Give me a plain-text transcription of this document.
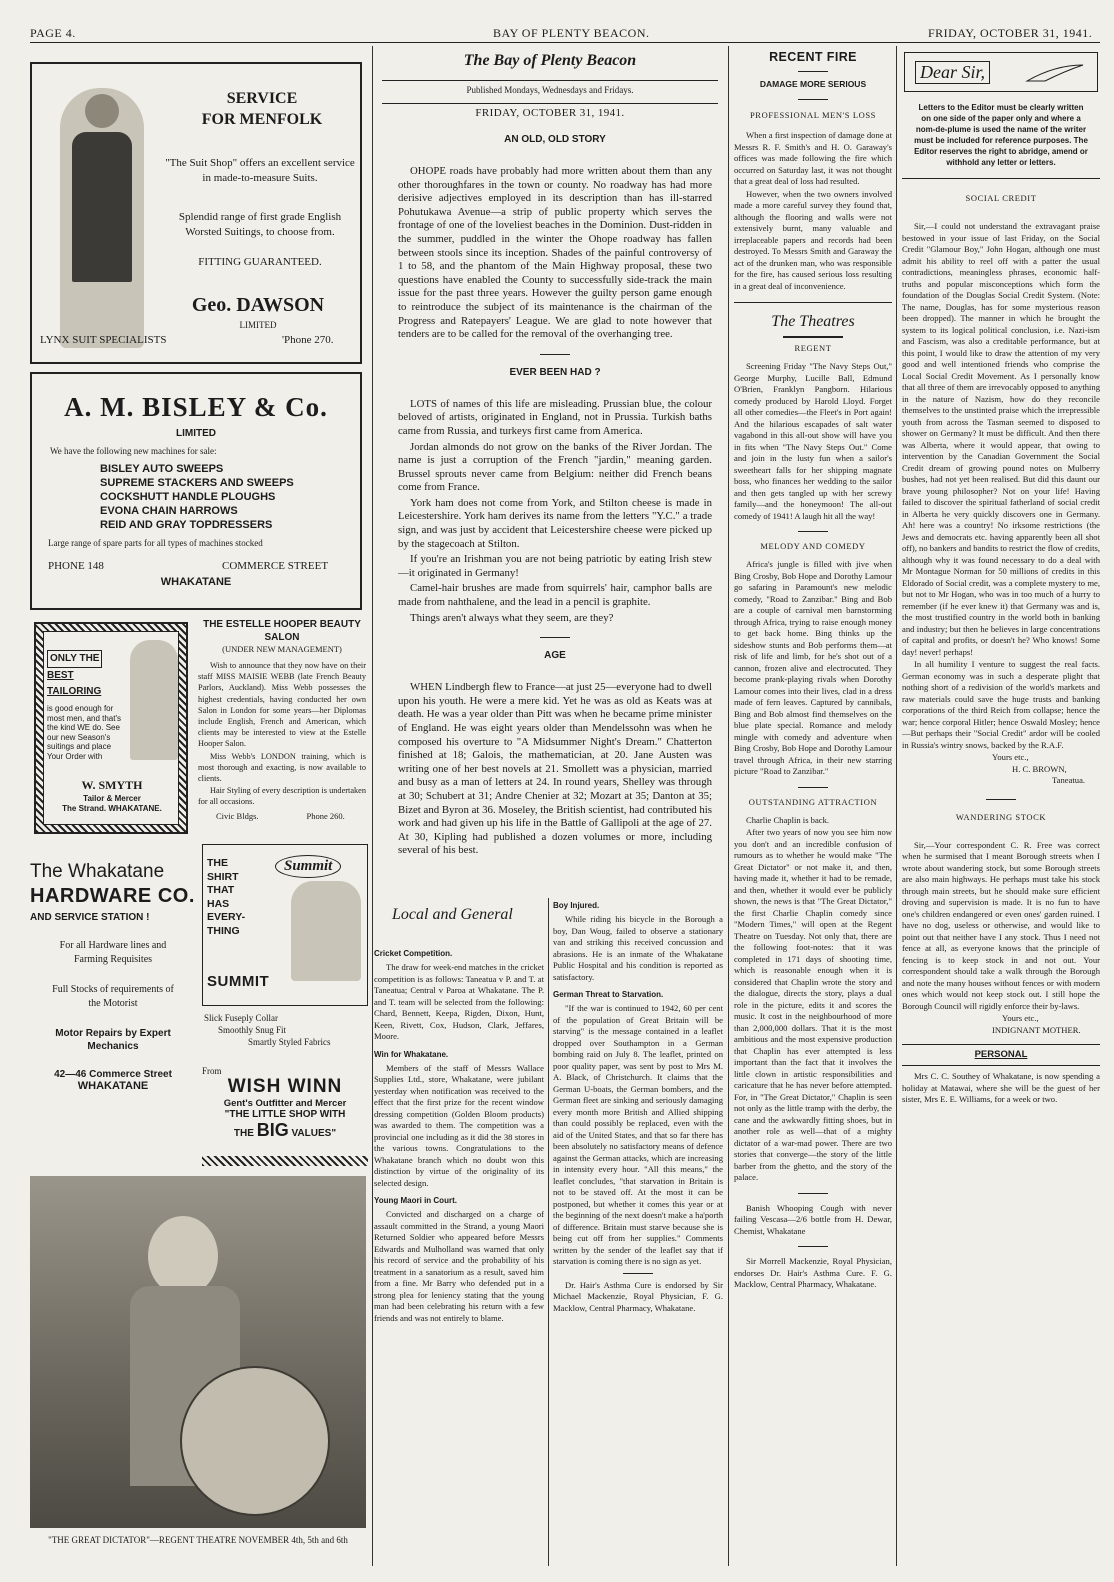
PAGE 4.	BAY OF PLENTY BEACON.	FRIDAY, OCTOBER 31, 1941.
SERVICE
FOR MENFOLK
"The Suit Shop" offers an excellent service in made-to-measure Suits.
Splendid range of first grade English Worsted Suitings, to choose from.
FITTING GUARANTEED.
Geo. DAWSON
LIMITED
LYNX SUIT SPECIALISTS	'Phone 270.
A. M. BISLEY & Co.
LIMITED
We have the following new machines for sale:
BISLEY AUTO SWEEPS
SUPREME STACKERS AND SWEEPS
COCKSHUTT HANDLE PLOUGHS
EVONA CHAIN HARROWS
REID AND GRAY TOPDRESSERS
Large range of spare parts for all types of machines stocked
PHONE 148	COMMERCE STREET
WHAKATANE
ONLY THE
BEST
TAILORING
is good enough for most men, and that's the kind WE do. See our new Season's suitings and place Your Order with
W. SMYTH
Tailor & Mercer
The Strand. WHAKATANE.
THE ESTELLE HOOPER BEAUTY SALON
(UNDER NEW MANAGEMENT)

Wish to announce that they now have on their staff MISS MAISIE WEBB (late French Beauty Parlors, Auckland). Miss Webb possesses the highest credentials, having conducted her own Salon in London for some years—her Diplomas include English, French and American, which clients may be interested to view at the Estelle Hooper Salon.

Miss Webb's LONDON training, which is most thorough and exacting, is now available to clients.

Hair Styling of every description is undertaken for all occasions.

Civic Bldgs.	Phone 260.
The Whakatane
HARDWARE CO.
AND SERVICE STATION !
For all Hardware lines and Farming Requisites
Full Stocks of requirements of the Motorist
Motor Repairs by Expert Mechanics
42—46 Commerce Street
WHAKATANE
THE
SHIRT
THAT
HAS
EVERY-
THING
Summit
SUMMIT
Slick Fuseply Collar
Smoothly Snug Fit
Smartly Styled Fabrics
From
WISH WINN
Gent's Outfitter and Mercer
"THE LITTLE SHOP WITH
THE BIG VALUES"
"THE GREAT DICTATOR"—REGENT THEATRE NOVEMBER 4th, 5th and 6th
The Bay of Plenty Beacon
Published Mondays, Wednesdays and Fridays.
FRIDAY, OCTOBER 31, 1941.
AN OLD, OLD STORY

OHOPE roads have probably had more written about them than any other thoroughfares in the town or county. No roadway has had more derisive adjectives employed in its description than has ill-starred Pohutukawa Avenue—a strip of public property which serves the frontage of one of the loveliest beaches in the Dominion. Dust-ridden in the summer, puddled in the winter the Ohope roadway has fallen between stools since its inception. Shades of the painful controversy of 1 to 58, and the phantom of the Main Highway proposal, these two questions have enabled the County to successfully side-track the main issue for the past three years. However the guilty person game enough to reintroduce the subject of its maintenance is the chairman of the Progress and Ratepayers' League. We are glad to note however that tenders are to be called for the removal of the overhanging tree.

EVER BEEN HAD ?

LOTS of names of this life are misleading. Prussian blue, the colour beloved of artists, originated in England, not in Prussia. Turkish baths came from Russia, and turkeys first came from America.

Jordan almonds do not grow on the banks of the River Jordan. The name is just a corruption of the French "jardin," meaning garden. Brussel sprouts never came from Belgium: neither did French beans come from France.

York ham does not come from York, and Stilton cheese is made in Leicestershire. York ham derives its name from the letters "Y.C." a trade sign, and was just by accident that Leicestershire cheese were picked up by the stagecoach at Stilton.

If you're an Irishman you are not being patriotic by eating Irish stew—it originated in Germany!

Camel-hair brushes are made from squirrels' hair, camphor balls are made from nahthalene, and the lead in a pencil is graphite.

Things aren't always what they seem, are they?

AGE

WHEN Lindbergh flew to France—at just 25—everyone had to dwell upon his youth. He were a mere kid. Yet he was as old as Keats was at death. He was a year older than Pitt was when he became prime minister of England. He was eight years older than Mendelssohn was when he composed his overture to "A Midsummer Night's Dream." Chatterton finished at 18; Galois, the mathematician, at 20. Jane Austen was writing one of her best novels at 21. Smollett was a physician, married and busy as a man of letters at 24. In round years, Shelley was through at 30; Schubert at 31; Andre Chenier at 32; Mozart at 35; Danton at 35; Bizet and Byron at 36. Moseley, the British scientist, had contributed his work and had given up his life in the Battle of Gallipoli at the age of 27. At 30, Kipling had published a dozen volumes or more, including several of his best.

Local and General
Cricket Competition.

The draw for week-end matches in the cricket competition is as follows: Taneatua v P. and T. at Taneatua; Central v Paroa at Whakatane. The P. and T. team will be selected from the following: Chard, Bennett, Keepa, Rigden, Dixon, Hunt, Keen, Rivett, Cox, Hudson, Clark, Jeffares, Moore.

Win for Whakatane.

Members of the staff of Messrs Wallace Supplies Ltd., store, Whakatane, were jubilant yesterday when notification was received to the effect that the first prize for the recent window dressing competition (Golden Bloom products) was awarded to them. The competition was a provincial one including as it did the 38 stores in the various towns. Congratulations to the Whakatane branch which no doubt won this distinction by virtue of the originality of its selected design.

Young Maori in Court.

Convicted and discharged on a charge of assault committed in the Strand, a young Maori Returned Soldier who appeared before Messrs Edwards and Mulholland was warned that only his record of service and the probability of his treatment in a sanatorium as a result, saved him from a fine. Mr Barry who defended put in a strong plea for leniency stating that the young man had been celebrating his return with a few friends and was not entirely to blame.

Boy Injured.

While riding his bicycle in the Borough a boy, Dan Woug, failed to observe a stationary van and striking this received concussion and abrasions. He is an inmate of the Whakatane Public Hospital and his condition is reported as satisfactory.

German Threat to Starvation.

"If the war is continued to 1942, 60 per cent of the population of Great Britain will be starving" is the message contained in a leaflet dropped over Southampton in a German bombing raid on July 8. The leaflet, printed on poor quality paper, was sent by post to Mrs M. A. Black, of Christchurch. It claims that the German U-boats, the German bombers, and the German fleet are sinking and seriously damaging every month more British and Allied shipping than could possibly be replaced, even with the aid of the United States, and that so far there has been absolutely no satisfactory means of defence against the German attacks, which are increasing in intensity every hour. "All this means," the leaflet concludes, "that starvation in Britain is not to be staved off. At the most it can be postponed, but whether it comes this year or at the beginning of the next doesn't make a ha'porth of difference. Britain must starve because she is being cut off from her supplies." Comments written by the sender of the leaflet say that if starvation is coming there is no sign as yet.

Dr. Hair's Asthma Cure is endorsed by Sir Michael Mackenzie, Royal Physician, F. G. Macklow, Central Pharmacy, Whakatane.

RECENT FIRE
DAMAGE MORE SERIOUS
PROFESSIONAL MEN'S LOSS

When a first inspection of damage done at Messrs R. F. Smith's and H. O. Garaway's offices was made following the fire which occurred on Saturday last, it was not thought that a great deal of loss had resulted.

However, when the two owners involved made a more careful survey they found that, although the flooring and walls were not extensively burnt, many valuable and irreplaceable papers and records had been destroyed. To Messrs Smith and Garaway the act of the drunken man, who was responsible for the fire, has caused serious loss resulting in a great deal of inconvenience.

The Theatres
REGENT

Screening Friday "The Navy Steps Out," George Murphy, Lucille Ball, Edmund O'Brien, Franklyn Pangborn. Hilarious comedy produced by Harold Lloyd. Forget all other comedies—the Fleet's in Port again! And the hilarious escapades of salt water vagabond in this all-out show will have you in fits when "The Navy Steps Out." Come and join in the lusty fun when a sailor's sweetheart falls for her shipping magnate boss, who finances her wedding to the sailor and then gets tangled up with her screwy family—and the honeymoon! The all-out comedy of 1941! A laugh hit all the way!

MELODY AND COMEDY

Africa's jungle is filled with jive when Bing Crosby, Bob Hope and Dorothy Lamour go safaring in Paramount's new melodic comedy, "Road to Zanzibar." Bing and Bob are a couple of carnival men barnstorming through Africa, trying to raise enough money to get back home. Bing thinks up the sideshow stunts and Bob performs them—at risk of life and limb, for he's shot out of a cannon, frozen alive and electrocuted. They become prank-playing rivals when Dorothy Lamour comes into their lives, clad in a dress made of fern leaves. Captured by cannibals, Bing and Bob almost find themselves on the blue plate special. Romance and melody mingle with comedy and adventure when Bing Crosby, Bob Hope and Dorothy Lamour travel through Africa, in their new starring picture "Road to Zanzibar."

OUTSTANDING ATTRACTION

Charlie Chaplin is back.

After two years of now you see him now you don't and an incredible confusion of rumours as to whether he would make "The Great Dictator" or not make it, and then, having made it, whether it had to be remade, and then, whether it would ever be publicly shown, the news is that "The Great Dictator," the first Charlie Chaplin comedy since "Modern Times," will open at the Regent Theatre on Tuesday. Not only that, there are the following foot-notes: that it was completed in 171 days of shooting time, which is reasonable enough when it is considered that Chaplin wrote the story and the dialogue, directs the story, plays a dual role in the picture, edits it and scores the music. It cost in the neighbourhood of more than 2,000,000 dollars. That it is the most ambitious and the most expensive production that Chaplin has ever attempted is less important than the fact that it involves the little clown in artistic responsibilities and caricature that he has never before attempted. For, in "The Great Dictator," Chaplin is seen not only as the little tramp with the derby, the cane and the awkwardly fitting shoes, but in another role as well—that of a mighty dictator of a war-mad power. There are two stories that converge—the story of the little barber from the ghetto, and the story of the palace.

Banish Whooping Cough with never failing Vescasa—2/6 bottle from H. Dewar, Chemist, Whakatane

Sir Morrell Mackenzie, Royal Physician, endorses Dr. Hair's Asthma Cure. F. G. Macklow, Central Pharmacy, Whakatane.

Dear Sir,
Letters to the Editor must be clearly written on one side of the paper only and where a nom-de-plume is used the name of the writer must be included for reference purposes. The Editor reserves the right to abridge, amend or withhold any letter or letters.
SOCIAL CREDIT

Sir,—I could not understand the extravagant praise bestowed in your issue of last Friday, on the Social Credit "Glamour Boy," John Hogan, although one must admit his ability to reel off with a patter the usual contradictions, meaningless phrases, economic half-truths and popular misconceptions which form the foundation of the Douglas Social Credit System. (Note: The name, Douglas, has for some mysterious reason been dropped). The manner in which he brought the system to its logical political conclusion, i.e. Nazi-ism and Fascism, was also a creditable performance, but at this point, I would like to draw the attention of my very good and well intentioned friends who comprise the Local Social Credit Movement. As I personally know that all three of them are irrevocably opposed to anything in the nature of Nazism, how do they reconcile themselves to the unstinted praise which the irrepressible youth from across the Tasman seemed to disposed to shower on Germany? It must be difficult. And then there was Alberta, where it would appear, that owing to intervention by the Canadian Government the Social Credit dream of growing pound notes on Mulberry bushes, had not yet been realised. But did this daunt our brave young philosopher? Not on your life! Having failed to discover the spiritual fatherland of social credit in Alberta he very quickly discovers one in Germany. Ah! here was a country! No irksome restrictions (the Jews and democrats etc. having apparently been all shot off), no bankers and bandits to restrict the flow of credits, although why it was found necessary to do a deal with Mr Montague Norman for 50 millions of credits in this Eldorado of Social credit, was a complete mystery to me, but not to Mr Hogan, who was in too much of a hurry to remember (if he ever knew it) that Germany was and is, the most trustified country in the world both in banking and industry; but then he believes in large concentrations of capital and profits, or doesn't he? Who knows! Some day! never! perhaps!

In all humility I venture to suggest the real facts. German economy was in such a desperate plight that nothing short of a redivision of the world's markets and raw materials could save the huge trusts and banking corporations of the third Reich from collapse; hence the war; hence corporal Hitler; hence Oswald Mosley; hence—But perhaps their "Social Credit" ardor will be cooled in Russia's wintry snows, backed by the R.A.F.

Yours etc.,
H. C. BROWN,
Taneatua.
WANDERING STOCK

Sir,—Your correspondent C. R. Free was correct when he surmised that I meant Borough streets when I wrote about wandering stock, but some Borough streets are also main highways. He perhaps must take his stock through main streets, but he should make sure efficient droving and supervision is made. It is no fun to have one's children endangered or even ones' garden ruined. I have no dog, useless or otherwise, and would like to point out that neither have I any stock. Thus I need not fence at all, as everyone knows that the principle of fencing is to keep stock in and not out. Your correspondent should take a walk through the Borough and note the many houses without fences or with modern ones which would not keep stock out. I still hope the Borough Council will rigidly enforce their by-laws.

Yours etc.,
INDIGNANT MOTHER.
PERSONAL

Mrs C. C. Southey of Whakatane, is now spending a holiday at Matawai, where she will be the guest of her sister, Mrs E. E. Williams, for a week or two.
